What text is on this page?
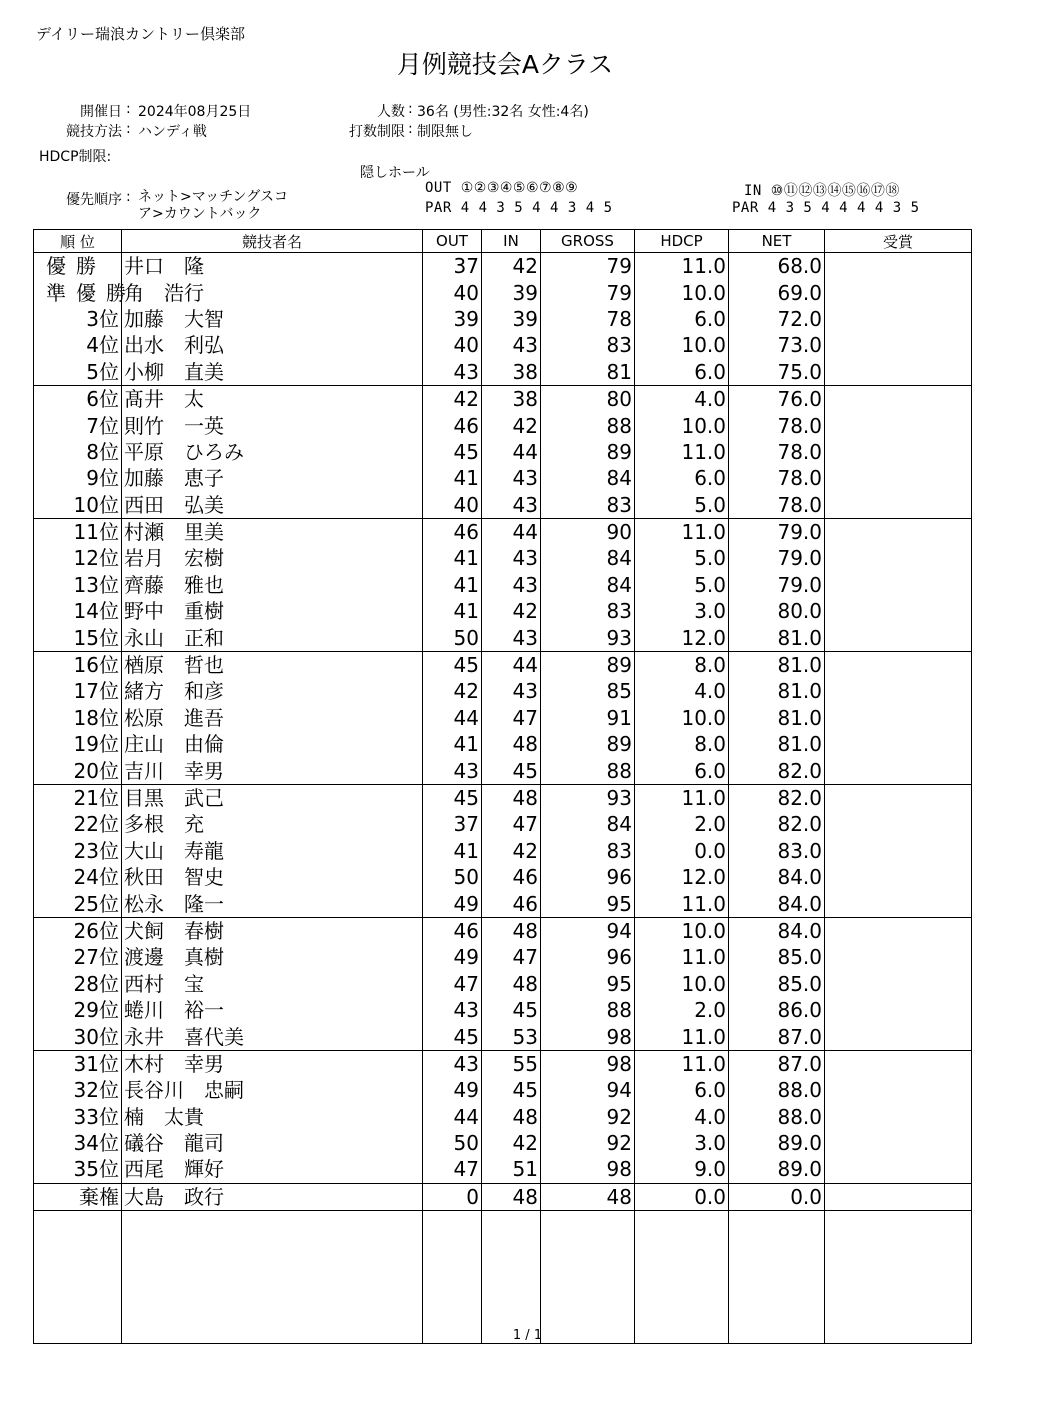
デイリー瑞浪カントリー倶楽部
月例競技会Aクラス
開催日 : 2024年08月25日
競技方法 : ハンディ戦
HDCP制限:
人数 : 36名 (男性:32名 女性:4名)
打数制限 : 制限無し
優先順序 : ネット>マッチングスコ
ア>カウントバック
隠しホール
OUT ①②③④⑤⑥⑦⑧⑨
PAR 4 4 3 5 4 4 3 4 5
IN ⑩⑪⑫⑬⑭⑮⑯⑰⑱
PAR 4 3 5 4 4 4 4 3 5
順 位	競技者名	OUT	IN	GROSS	HDCP	NET	受賞
優勝	井口　隆	37	42	79	11.0	68.0	
準優勝	角　浩行	40	39	79	10.0	69.0	
3位	加藤　大智	39	39	78	6.0	72.0	
4位	出水　利弘	40	43	83	10.0	73.0	
5位	小柳　直美	43	38	81	6.0	75.0	
6位	髙井　太	42	38	80	4.0	76.0	
7位	則竹　一英	46	42	88	10.0	78.0	
8位	平原　ひろみ	45	44	89	11.0	78.0	
9位	加藤　恵子	41	43	84	6.0	78.0	
10位	西田　弘美	40	43	83	5.0	78.0	
11位	村瀬　里美	46	44	90	11.0	79.0	
12位	岩月　宏樹	41	43	84	5.0	79.0	
13位	齊藤　雅也	41	43	84	5.0	79.0	
14位	野中　重樹	41	42	83	3.0	80.0	
15位	永山　正和	50	43	93	12.0	81.0	
16位	楢原　哲也	45	44	89	8.0	81.0	
17位	緒方　和彦	42	43	85	4.0	81.0	
18位	松原　進吾	44	47	91	10.0	81.0	
19位	庄山　由倫	41	48	89	8.0	81.0	
20位	吉川　幸男	43	45	88	6.0	82.0	
21位	目黒　武己	45	48	93	11.0	82.0	
22位	多根　充	37	47	84	2.0	82.0	
23位	大山　寿龍	41	42	83	0.0	83.0	
24位	秋田　智史	50	46	96	12.0	84.0	
25位	松永　隆一	49	46	95	11.0	84.0	
26位	犬飼　春樹	46	48	94	10.0	84.0	
27位	渡邊　真樹	49	47	96	11.0	85.0	
28位	西村　宝	47	48	95	10.0	85.0	
29位	蜷川　裕一	43	45	88	2.0	86.0	
30位	永井　喜代美	45	53	98	11.0	87.0	
31位	木村　幸男	43	55	98	11.0	87.0	
32位	長谷川　忠嗣	49	45	94	6.0	88.0	
33位	楠　太貴	44	48	92	4.0	88.0	
34位	礒谷　龍司	50	42	92	3.0	89.0	
35位	西尾　輝好	47	51	98	9.0	89.0	
棄権	大島　政行	0	48	48	0.0	0.0	

1 / 1
